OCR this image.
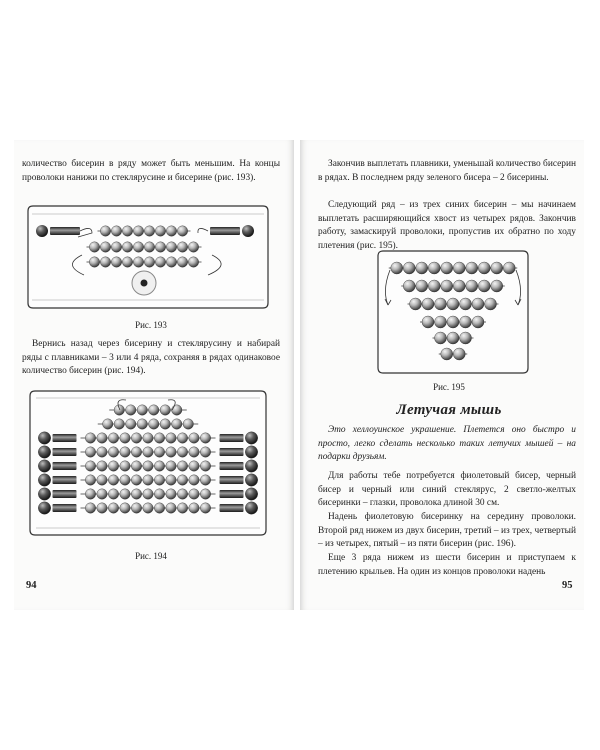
количество бисерин в ряду может быть меньшим. На концы проволоки нанижи по стеклярусине и бисерине (рис. 193).

Рис. 193

Вернись назад через бисерину и стеклярусину и набирай ряды с плавниками – 3 или 4 ряда, сохраняя в рядах одинаковое количество бисерин (рис. 194).

Рис. 194

94

Закончив выплетать плавники, уменьшай количество бисерин в рядах. В последнем ряду зеленого бисера – 2 бисерины.

Следующий ряд – из трех синих бисерин – мы начинаем выплетать расширяющийся хвост из четырех рядов. Закончив работу, замаскируй проволоки, пропустив их обратно по ходу плетения (рис. 195).

Рис. 195

Летучая мышь

Это хеллоуинское украшение. Плетется оно быстро и просто, легко сделать несколько таких летучих мышей – на подарки друзьям.

Для работы тебе потребуется фиолетовый бисер, черный бисер и черный или синий стеклярус, 2 светло-желтых бисеринки – глазки, проволока длиной 30 см.

Надень фиолетовую бисеринку на середину проволоки. Второй ряд нижем из двух бисерин, третий – из трех, четвертый – из четырех, пятый – из пяти бисерин (рис. 196).

Еще 3 ряда нижем из шести бисерин и приступаем к плетению крыльев. На один из концов проволоки надень

95
